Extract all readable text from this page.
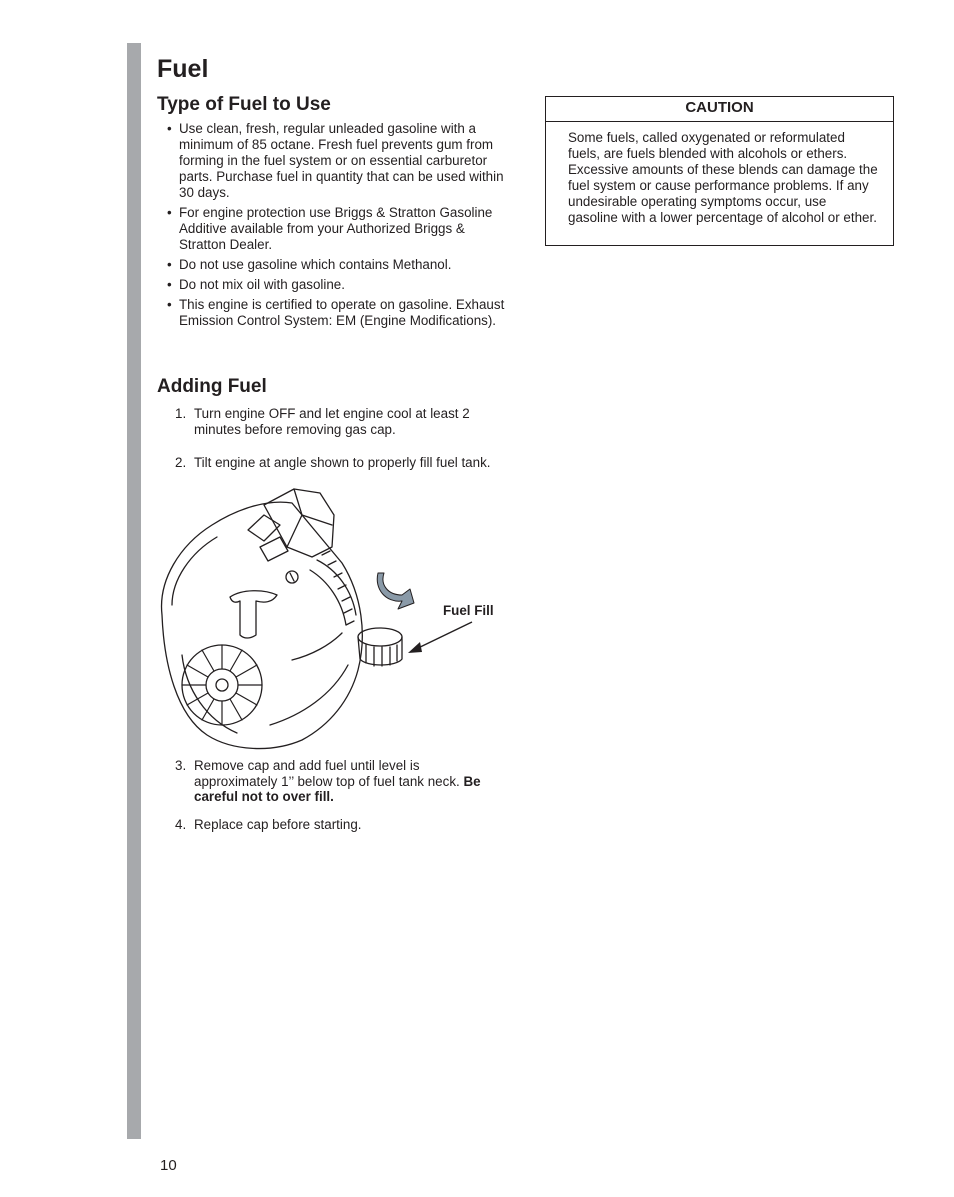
Fuel
Type of Fuel to Use
• Use clean, fresh, regular unleaded gasoline with a minimum of 85 octane. Fresh fuel prevents gum from forming in the fuel system or on essential carburetor parts. Purchase fuel in quantity that can be used within 30 days.
• For engine protection use Briggs & Stratton Gasoline Additive available from your Authorized Briggs & Stratton Dealer.
• Do not use gasoline which contains Methanol.
• Do not mix oil with gasoline.
• This engine is certified to operate on gasoline. Exhaust Emission Control System: EM (Engine Modifications).
Adding Fuel
1. Turn engine OFF and let engine cool at least 2 minutes before removing gas cap.
2. Tilt engine at angle shown to properly fill fuel tank.
3. Remove cap and add fuel until level is approximately 1’’ below top of fuel tank neck. Be careful not to over fill.
4. Replace cap before starting.
Fuel Fill
CAUTION
Some fuels, called oxygenated or reformulated fuels, are fuels blended with alcohols or ethers. Excessive amounts of these blends can damage the fuel system or cause performance problems. If any undesirable operating symptoms occur, use gasoline with a lower percentage of alcohol or ether.
10
